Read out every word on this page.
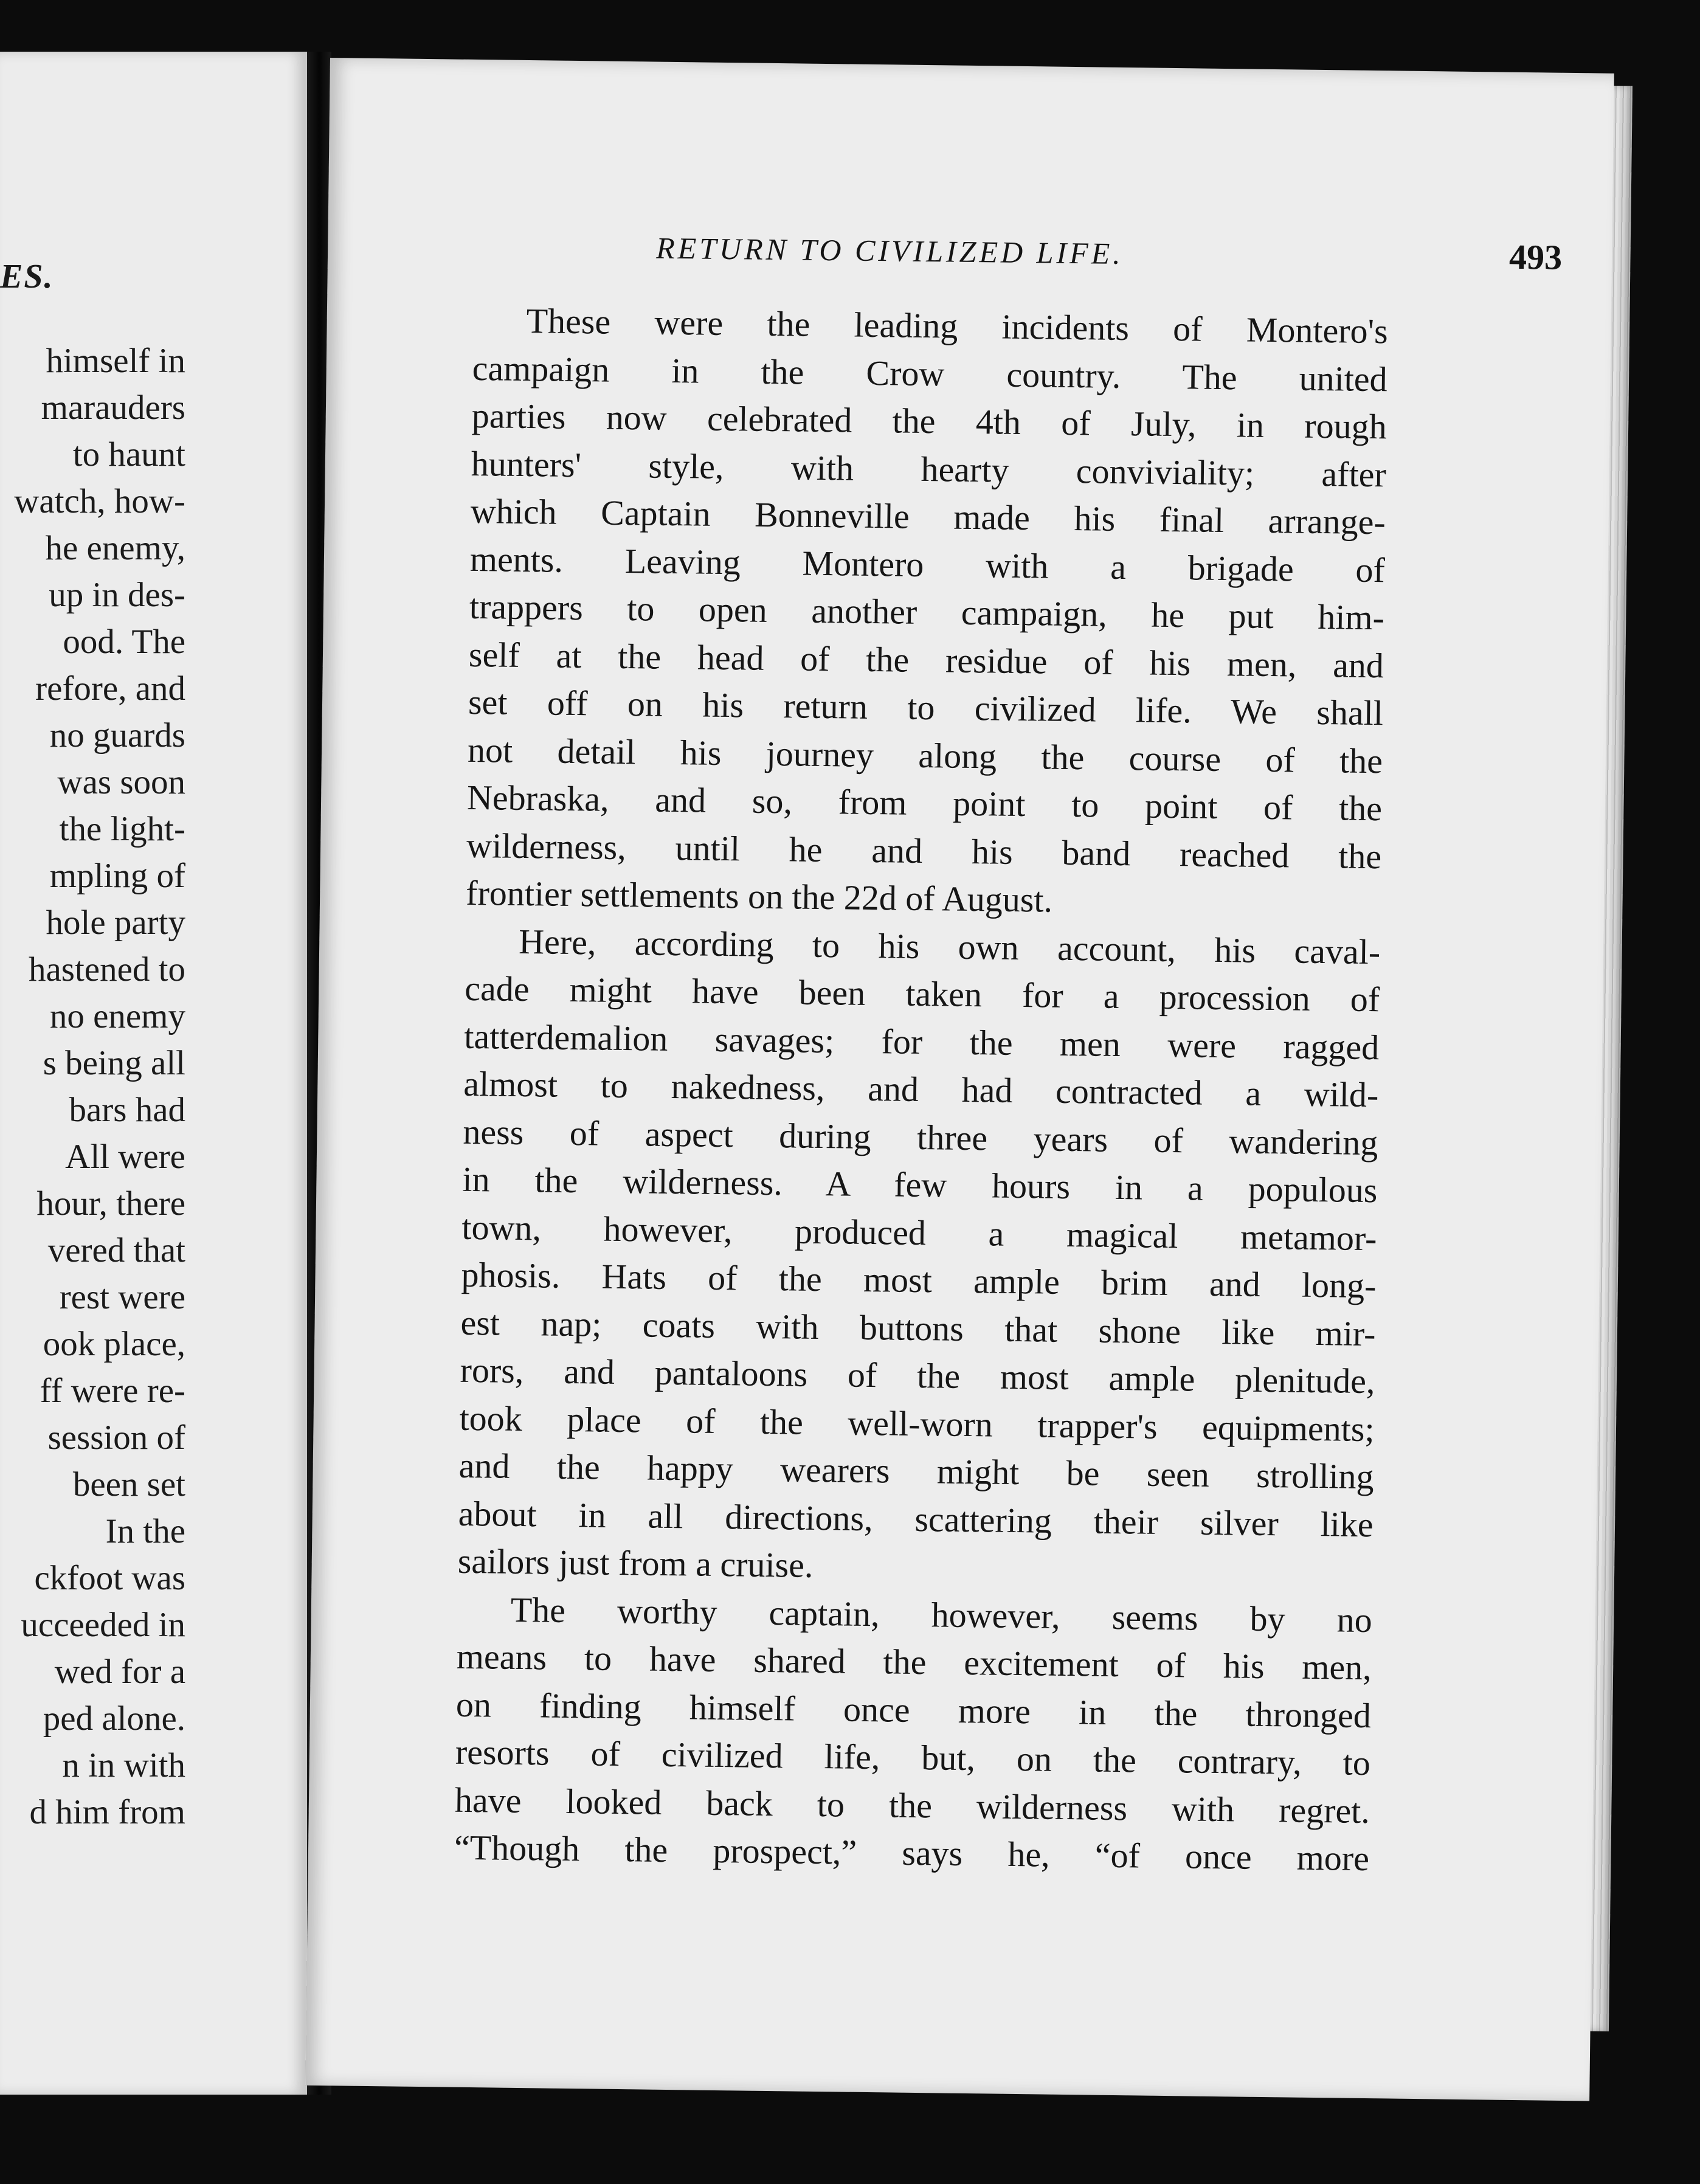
ES.
himself in
marauders
to haunt
watch, how-
he enemy,
up in des-
ood. The
refore, and
no guards
was soon
the light-
mpling of
hole party
hastened to
no enemy
s being all
bars had
All were
hour, there
vered that
rest were
ook place,
ff were re-
session of
been set
In the
ckfoot was
ucceeded in
wed for a
ped alone.
n in with
d him from
RETURN TO CIVILIZED LIFE.	493
These were the leading incidents of Montero's
campaign in the Crow country. The united
parties now celebrated the 4th of July, in rough
hunters' style, with hearty conviviality; after
which Captain Bonneville made his final arrange-
ments. Leaving Montero with a brigade of
trappers to open another campaign, he put him-
self at the head of the residue of his men, and
set off on his return to civilized life. We shall
not detail his journey along the course of the
Nebraska, and so, from point to point of the
wilderness, until he and his band reached the
frontier settlements on the 22d of August.
Here, according to his own account, his caval-
cade might have been taken for a procession of
tatterdemalion savages; for the men were ragged
almost to nakedness, and had contracted a wild-
ness of aspect during three years of wandering
in the wilderness. A few hours in a populous
town, however, produced a magical metamor-
phosis. Hats of the most ample brim and long-
est nap; coats with buttons that shone like mir-
rors, and pantaloons of the most ample plenitude,
took place of the well-worn trapper's equipments;
and the happy wearers might be seen strolling
about in all directions, scattering their silver like
sailors just from a cruise.
The worthy captain, however, seems by no
means to have shared the excitement of his men,
on finding himself once more in the thronged
resorts of civilized life, but, on the contrary, to
have looked back to the wilderness with regret.
“Though the prospect,” says he, “of once more
